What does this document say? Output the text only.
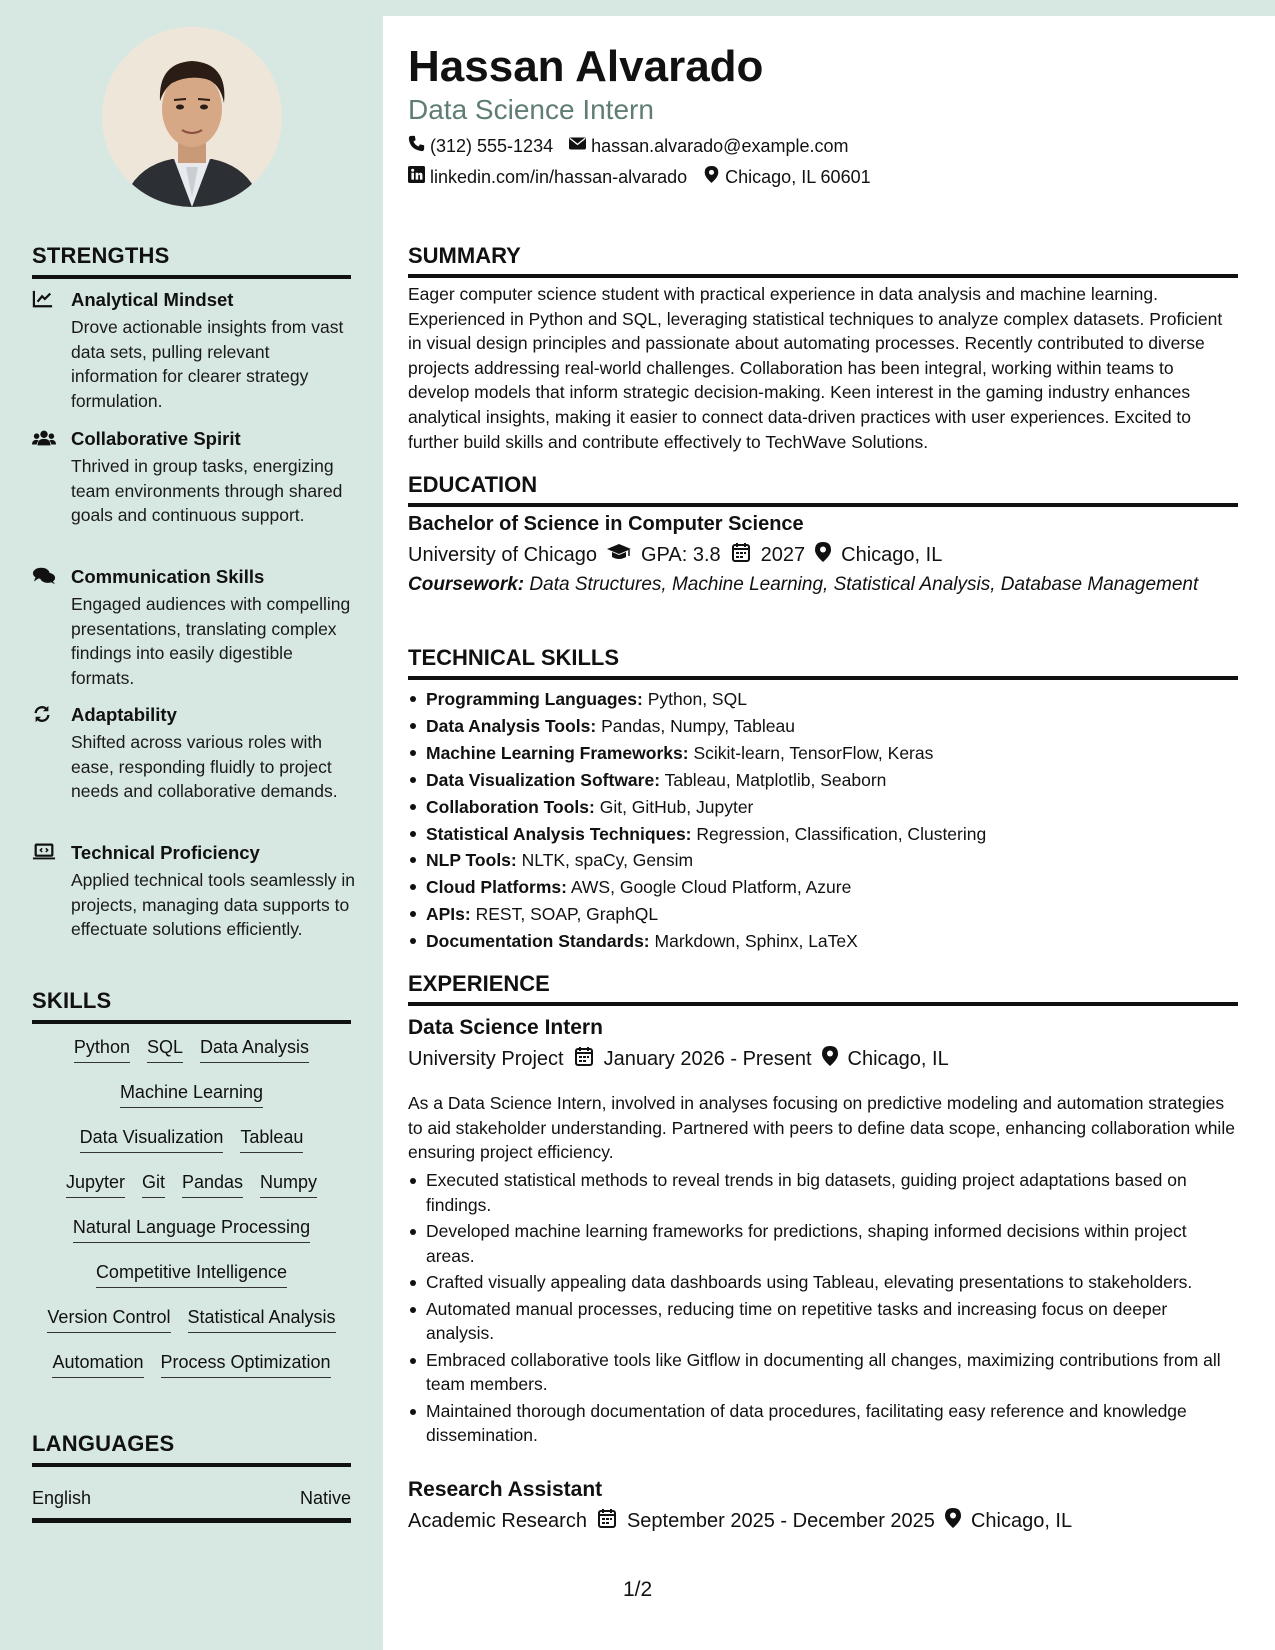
STRENGTHS
Analytical Mindset
Drove actionable insights from vast data sets, pulling relevant information for clearer strategy formulation.
Collaborative Spirit
Thrived in group tasks, energizing team environments through shared goals and continuous support.
Communication Skills
Engaged audiences with compelling presentations, translating complex findings into easily digestible formats.
Adaptability
Shifted across various roles with ease, responding fluidly to project needs and collaborative demands.
Technical Proficiency
Applied technical tools seamlessly in projects, managing data supports to effectuate solutions efficiently.
SKILLS
Python SQL Data Analysis
Machine Learning
Data Visualization Tableau
Jupyter Git Pandas Numpy
Natural Language Processing
Competitive Intelligence
Version Control Statistical Analysis
Automation Process Optimization
LANGUAGES
English	Native
Hassan Alvarado
Data Science Intern
(312) 555-1234 hassan.alvarado@example.com
linkedin.com/in/hassan-alvarado Chicago, IL 60601
SUMMARY
Eager computer science student with practical experience in data analysis and machine learning. Experienced in Python and SQL, leveraging statistical techniques to analyze complex datasets. Proficient in visual design principles and passionate about automating processes. Recently contributed to diverse projects addressing real-world challenges. Collaboration has been integral, working within teams to develop models that inform strategic decision-making. Keen interest in the gaming industry enhances analytical insights, making it easier to connect data-driven practices with user experiences. Excited to further build skills and contribute effectively to TechWave Solutions.
EDUCATION
Bachelor of Science in Computer Science
University of Chicago GPA: 3.8 2027 Chicago, IL
Coursework: Data Structures, Machine Learning, Statistical Analysis, Database Management
TECHNICAL SKILLS
Programming Languages: Python, SQL
Data Analysis Tools: Pandas, Numpy, Tableau
Machine Learning Frameworks: Scikit-learn, TensorFlow, Keras
Data Visualization Software: Tableau, Matplotlib, Seaborn
Collaboration Tools: Git, GitHub, Jupyter
Statistical Analysis Techniques: Regression, Classification, Clustering
NLP Tools: NLTK, spaCy, Gensim
Cloud Platforms: AWS, Google Cloud Platform, Azure
APIs: REST, SOAP, GraphQL
Documentation Standards: Markdown, Sphinx, LaTeX
EXPERIENCE
Data Science Intern
University Project January 2026 - Present Chicago, IL
As a Data Science Intern, involved in analyses focusing on predictive modeling and automation strategies to aid stakeholder understanding. Partnered with peers to define data scope, enhancing collaboration while ensuring project efficiency.
Executed statistical methods to reveal trends in big datasets, guiding project adaptations based on findings.
Developed machine learning frameworks for predictions, shaping informed decisions within project areas.
Crafted visually appealing data dashboards using Tableau, elevating presentations to stakeholders.
Automated manual processes, reducing time on repetitive tasks and increasing focus on deeper analysis.
Embraced collaborative tools like Gitflow in documenting all changes, maximizing contributions from all team members.
Maintained thorough documentation of data procedures, facilitating easy reference and knowledge dissemination.
Research Assistant
Academic Research September 2025 - December 2025 Chicago, IL
1/2
